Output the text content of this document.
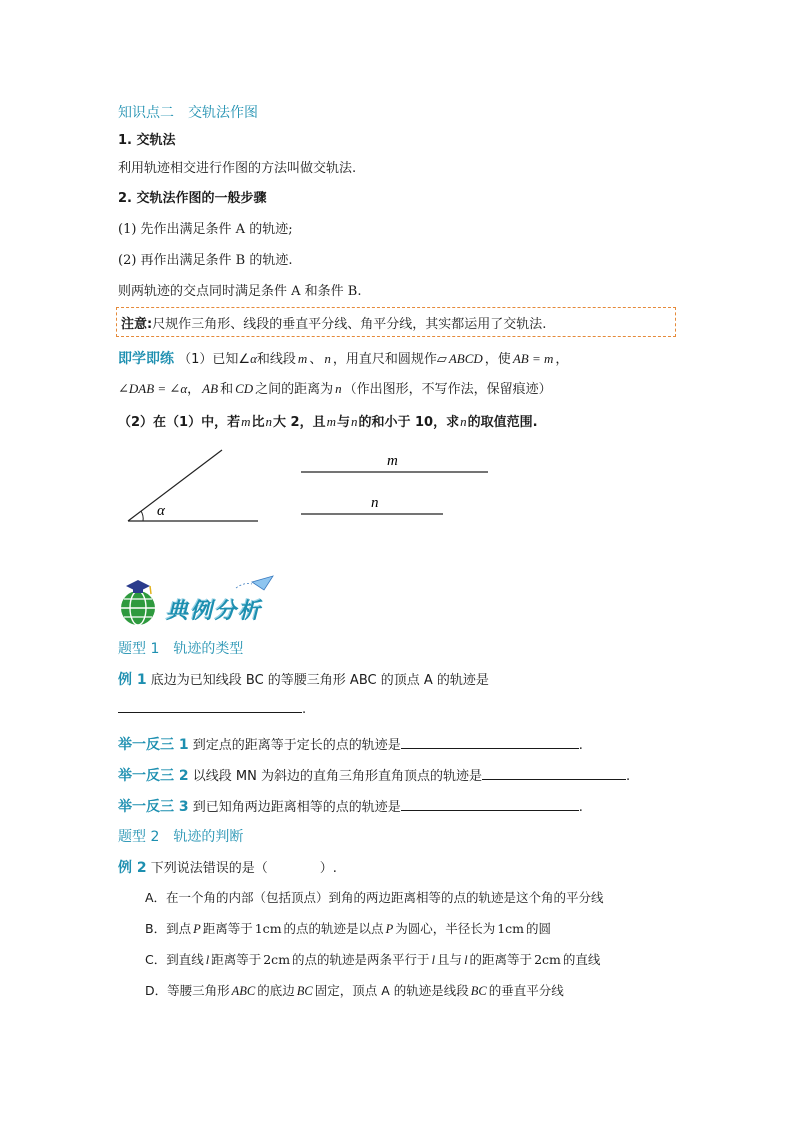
知识点二　交轨法作图
1. 交轨法
利用轨迹相交进行作图的方法叫做交轨法.
2. 交轨法作图的一般步骤
(1) 先作出满足条件 A 的轨迹;
(2) 再作出满足条件 B 的轨迹.
则两轨迹的交点同时满足条件 A 和条件 B.
注意:尺规作三角形、线段的垂直平分线、角平分线，其实都运用了交轨法.
即学即练 （1）已知∠α和线段 m 、 n ，用直尺和圆规作▱ ABCD ，使 AB = m ，
∠DAB = ∠α， AB 和 CD 之间的距离为 n （作出图形，不写作法，保留痕迹）
（2）在（1）中，若m比n大 2，且m与n的和小于 10，求n的取值范围.
α
m
n
典例分析
题型 1　轨迹的类型
例 1 底边为已知线段 BC 的等腰三角形 ABC 的顶点 A 的轨迹是
.
举一反三 1 到定点的距离等于定长的点的轨迹是	.
举一反三 2 以线段 MN 为斜边的直角三角形直角顶点的轨迹是	.
举一反三 3 到已知角两边距离相等的点的轨迹是	.
题型 2　轨迹的判断
例 2 下列说法错误的是（　　　　）.
A．在一个角的内部（包括顶点）到角的两边距离相等的点的轨迹是这个角的平分线
B．到点 P 距离等于 1cm 的点的轨迹是以点 P 为圆心，半径长为 1cm 的圆
C．到直线 l 距离等于 2cm 的点的轨迹是两条平行于 l 且与 l 的距离等于 2cm 的直线
D．等腰三角形 ABC 的底边 BC 固定，顶点 A 的轨迹是线段 BC 的垂直平分线
